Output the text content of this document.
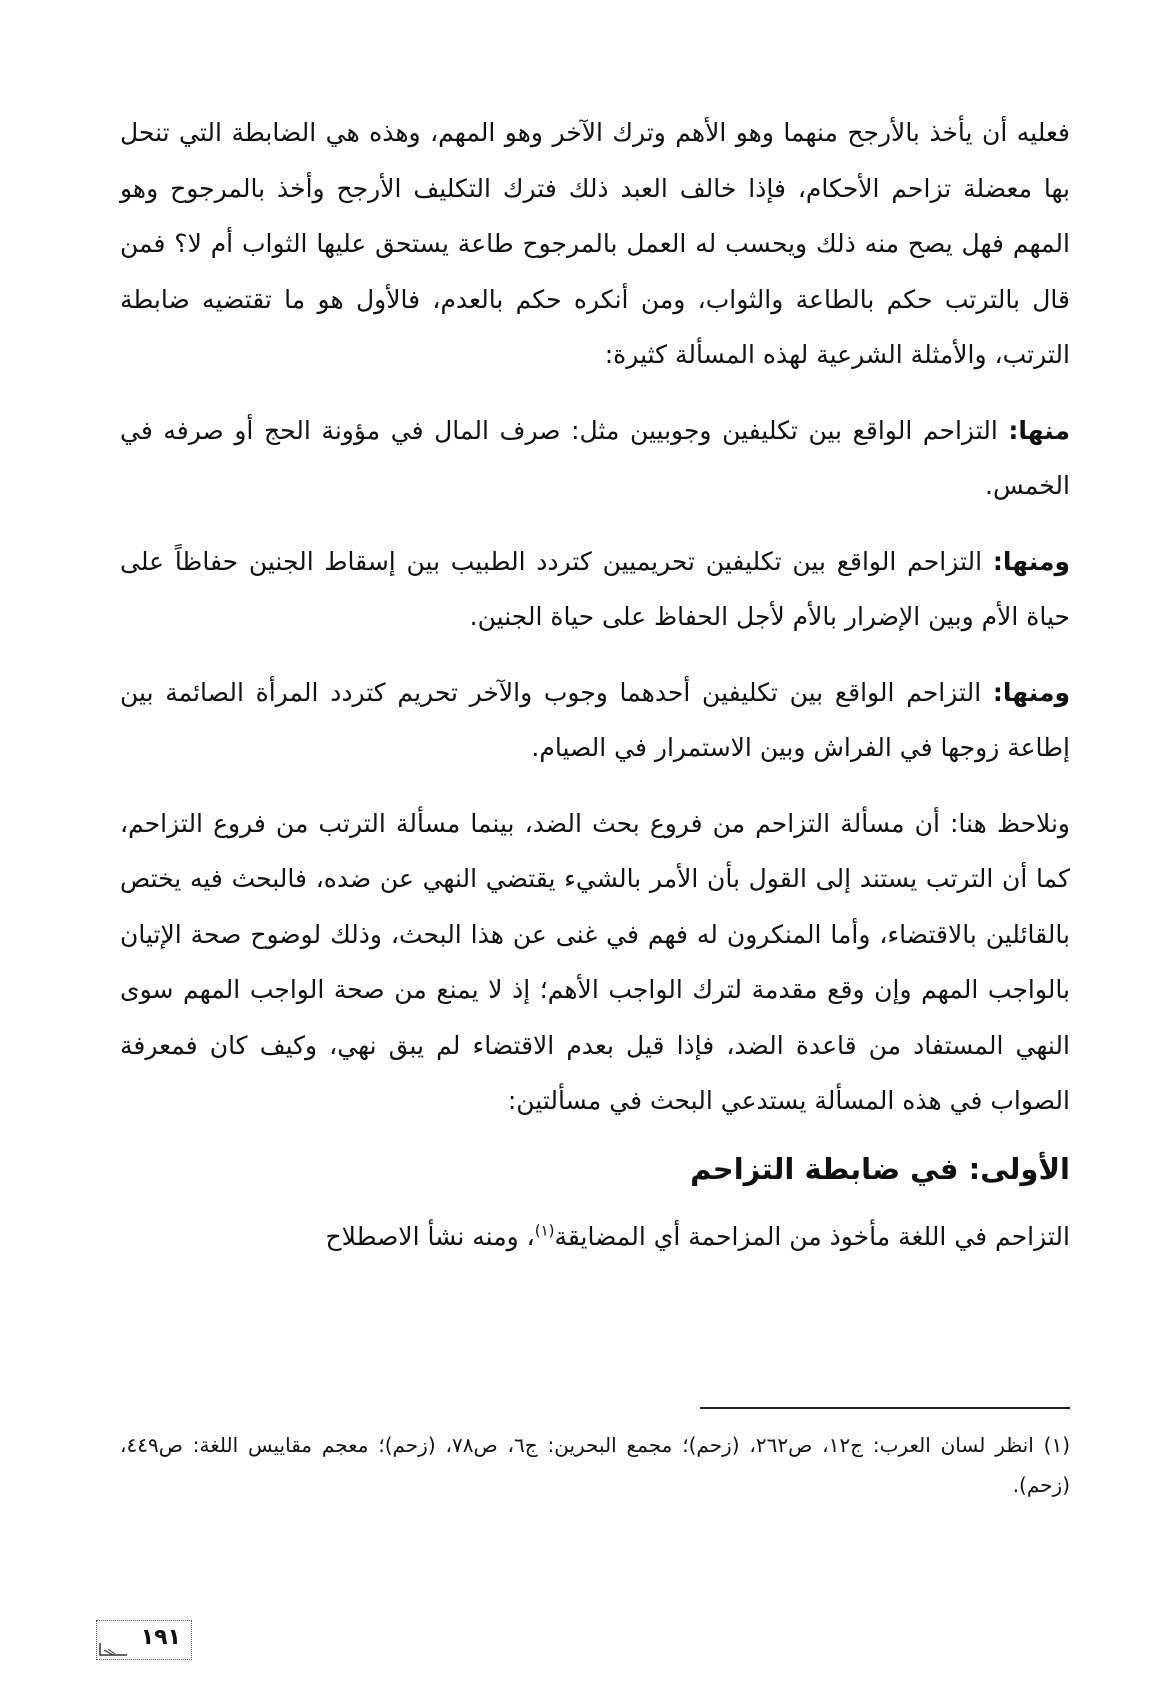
فعليه أن يأخذ بالأرجح منهما وهو الأهم وترك الآخر وهو المهم، وهذه هي الضابطة التي تنحل بها معضلة تزاحم الأحكام، فإذا خالف العبد ذلك فترك التكليف الأرجح وأخذ بالمرجوح وهو المهم فهل يصح منه ذلك ويحسب له العمل بالمرجوح طاعة يستحق عليها الثواب أم لا؟ فمن قال بالترتب حكم بالطاعة والثواب، ومن أنكره حكم بالعدم، فالأول هو ما تقتضيه ضابطة الترتب، والأمثلة الشرعية لهذه المسألة كثيرة:

منها: التزاحم الواقع بين تكليفين وجوبيين مثل: صرف المال في مؤونة الحج أو صرفه في الخمس.

ومنها: التزاحم الواقع بين تكليفين تحريميين كتردد الطبيب بين إسقاط الجنين حفاظاً على حياة الأم وبين الإضرار بالأم لأجل الحفاظ على حياة الجنين.

ومنها: التزاحم الواقع بين تكليفين أحدهما وجوب والآخر تحريم كتردد المرأة الصائمة بين إطاعة زوجها في الفراش وبين الاستمرار في الصيام.

ونلاحظ هنا: أن مسألة التزاحم من فروع بحث الضد، بينما مسألة الترتب من فروع التزاحم، كما أن الترتب يستند إلى القول بأن الأمر بالشيء يقتضي النهي عن ضده، فالبحث فيه يختص بالقائلين بالاقتضاء، وأما المنكرون له فهم في غنى عن هذا البحث، وذلك لوضوح صحة الإتيان بالواجب المهم وإن وقع مقدمة لترك الواجب الأهم؛ إذ لا يمنع من صحة الواجب المهم سوى النهي المستفاد من قاعدة الضد، فإذا قيل بعدم الاقتضاء لم يبق نهي، وكيف كان فمعرفة الصواب في هذه المسألة يستدعي البحث في مسألتين:

الأولى: في ضابطة التزاحم

التزاحم في اللغة مأخوذ من المزاحمة أي المضايقة$^{(١)}$، ومنه نشأ الاصطلاح

(١) انظر لسان العرب: ج١٢، ص٢٦٢، (زحم)؛ مجمع البحرين: ج٦، ص٧٨، (زحم)؛ معجم مقاييس اللغة: ص٤٤٩، (زحم).
١٩١
